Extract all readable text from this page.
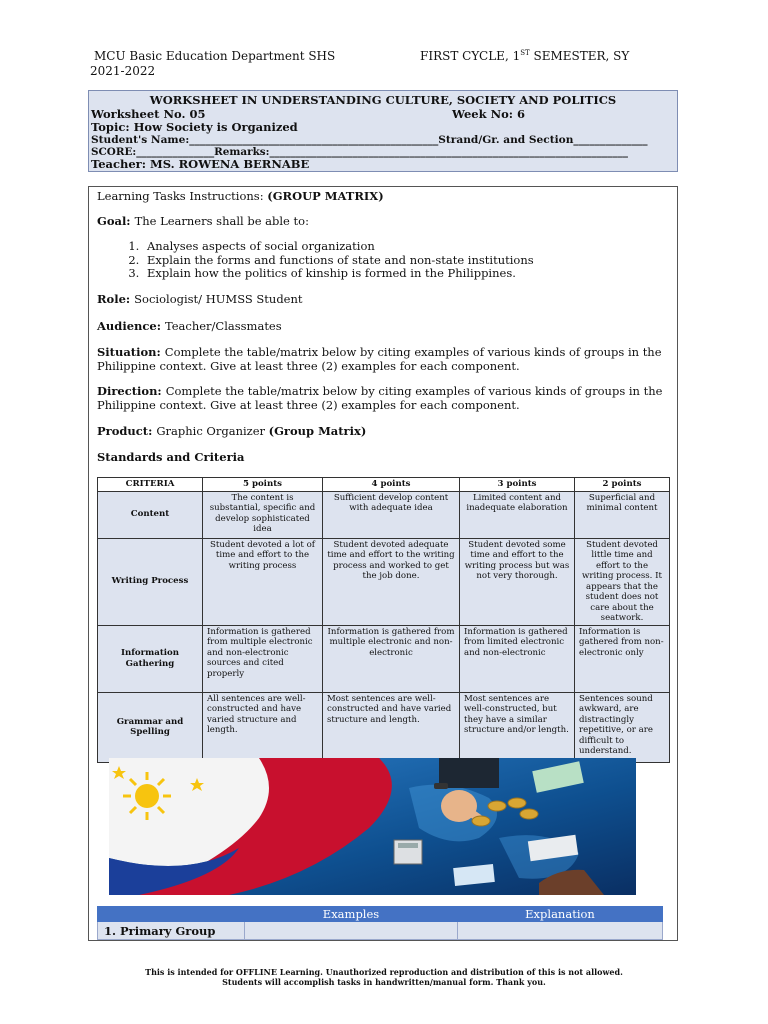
MCU Basic Education Department SHS
2021-2022
FIRST CYCLE, 1ST SEMESTER, SY
WORKSHEET IN UNDERSTANDING CULTURE, SOCIETY AND POLITICS
Worksheet No. 05	Week No: 6
Topic: How Society is Organized
Student's Name:_______________________________________________Strand/Gr. and Section______________
SCORE:_______________Remarks:_____________________________________________________________________
Teacher: MS. ROWENA BERNABE
Learning Tasks Instructions: (GROUP MATRIX)
Goal: The Learners shall be able to:
1. Analyses aspects of social organization
2. Explain the forms and functions of state and non-state institutions
3. Explain how the politics of kinship is formed in the Philippines.
Role: Sociologist/ HUMSS Student
Audience: Teacher/Classmates
Situation: Complete the table/matrix below by citing examples of various kinds of groups in the Philippine context. Give at least three (2) examples for each component.
Direction: Complete the table/matrix below by citing examples of various kinds of groups in the Philippine context. Give at least three (2) examples for each component.
Product: Graphic Organizer (Group Matrix)
Standards and Criteria
CRITERIA	5 points	4 points	3 points	2 points
Content	The content is substantial, specific and develop sophisticated idea	Sufficient develop content with adequate idea	Limited content and inadequate elaboration	Superficial and minimal content
Writing Process	Student devoted a lot of time and effort to the writing process	Student devoted adequate time and effort to the writing process and worked to get the job done.	Student devoted some time and effort to the writing process but was not very thorough.	Student devoted little time and effort to the writing process. It appears that the student does not care about the seatwork.
Information Gathering	Information is gathered from multiple electronic and non-electronic sources and cited properly	Information is gathered from multiple electronic and non-electronic	Information is gathered from limited electronic and non-electronic	Information is gathered from non-electronic only
Grammar and Spelling	All sentences are well-constructed and have varied structure and length.	Most sentences are well-constructed and have varied structure and length.	Most sentences are well-constructed, but they have a similar structure and/or length.	Sentences sound awkward, are distractingly repetitive, or are difficult to understand.
	Examples	Explanation
1. Primary Group		
This is intended for OFFLINE Learning. Unauthorized reproduction and distribution of this is not allowed.
Students will accomplish tasks in handwritten/manual form. Thank you.
